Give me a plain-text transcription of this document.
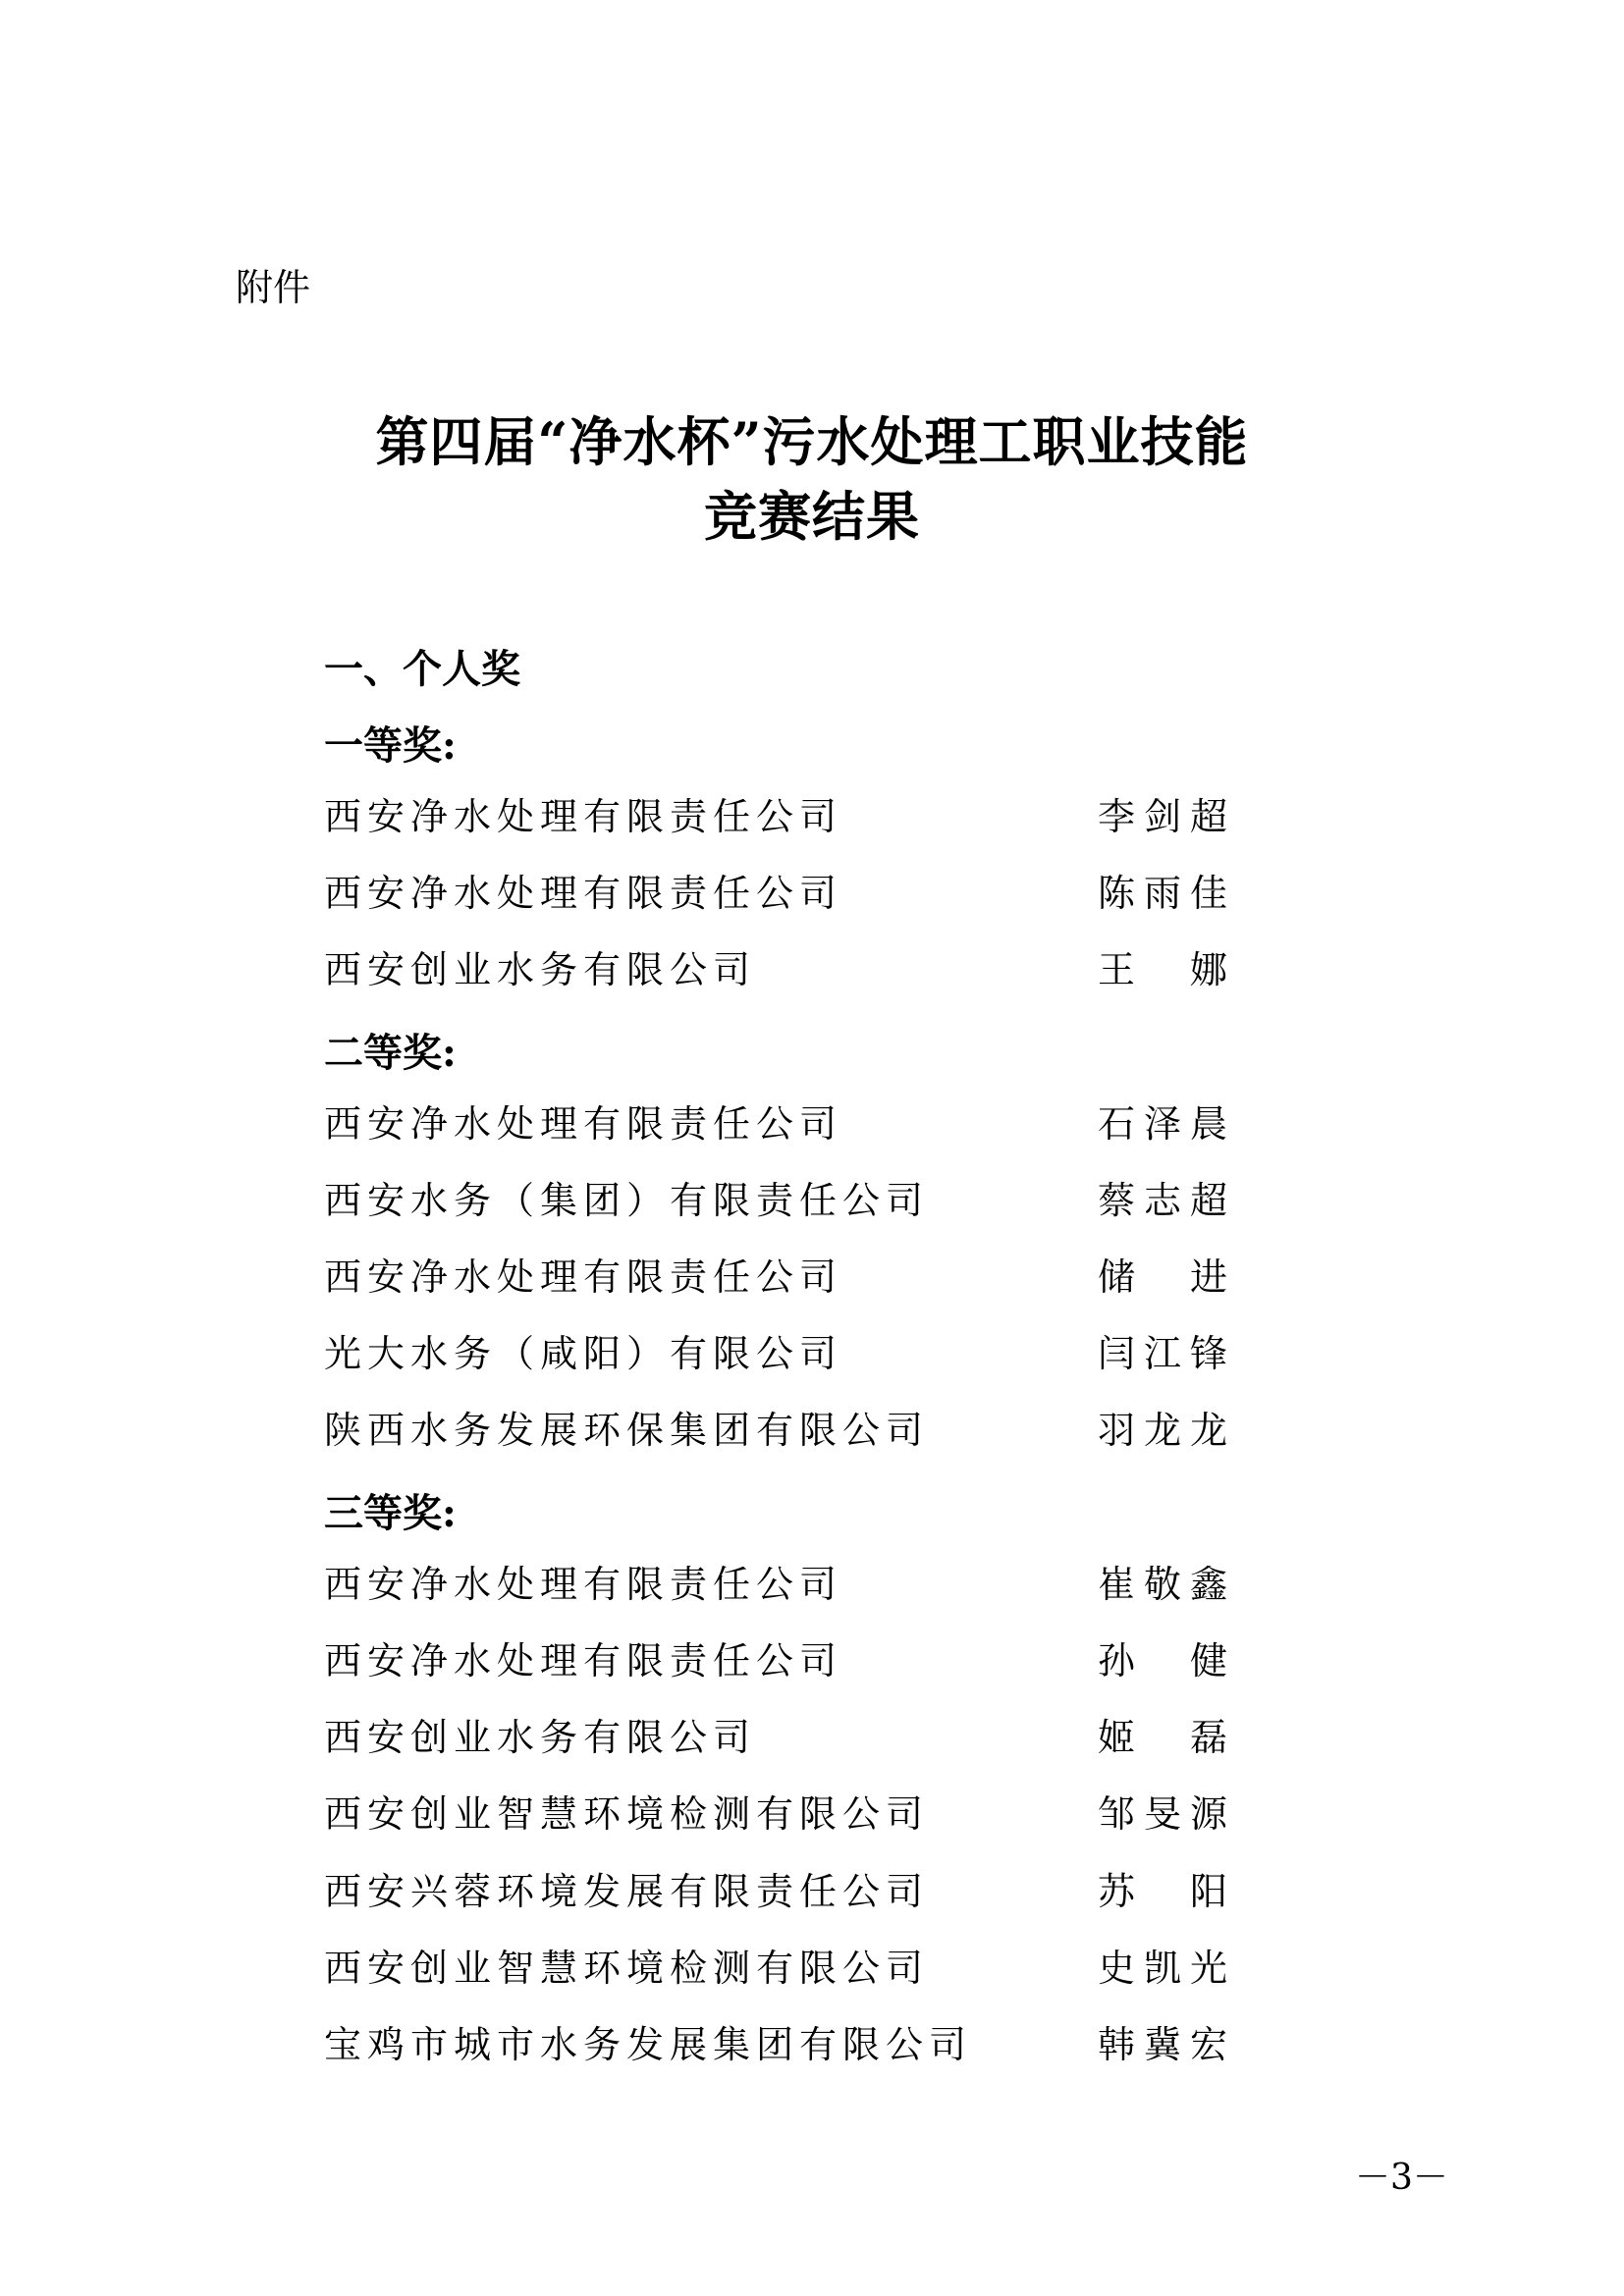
附件
第四届“净水杯”污水处理工职业技能
竞赛结果
一、个人奖
一等奖:
西安净水处理有限责任公司	李剑超
西安净水处理有限责任公司	陈雨佳
西安创业水务有限公司	王 娜
二等奖:
西安净水处理有限责任公司	石泽晨
西安水务（集团）有限责任公司	蔡志超
西安净水处理有限责任公司	储 进
光大水务（咸阳）有限公司	闫江锋
陕西水务发展环保集团有限公司	羽龙龙
三等奖:
西安净水处理有限责任公司	崔敬鑫
西安净水处理有限责任公司	孙 健
西安创业水务有限公司	姬 磊
西安创业智慧环境检测有限公司	邹旻源
西安兴蓉环境发展有限责任公司	苏 阳
西安创业智慧环境检测有限公司	史凯光
宝鸡市城市水务发展集团有限公司	韩冀宏
－3－
